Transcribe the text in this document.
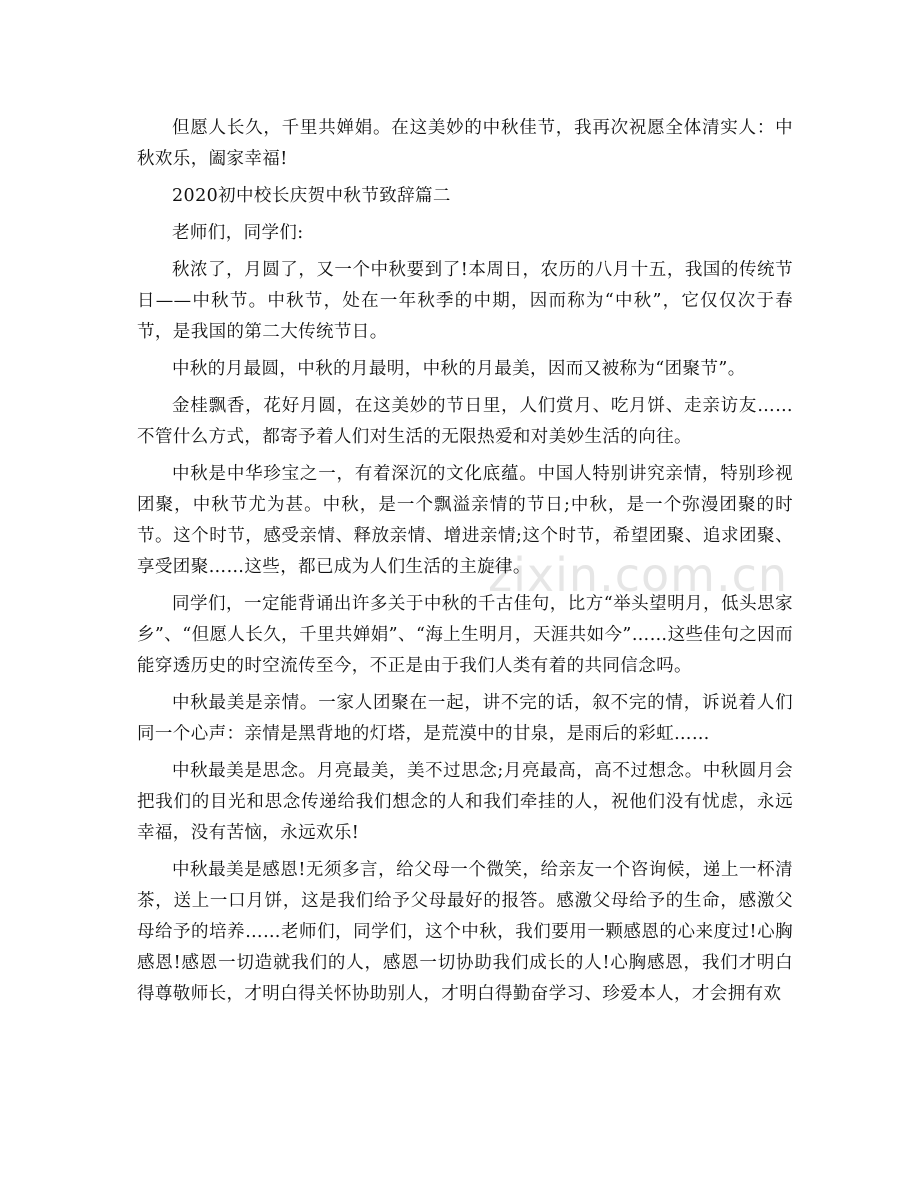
zixin.com.cn

但愿人长久，千里共婵娟。在这美妙的中秋佳节，我再次祝愿全体清实人：中秋欢乐，阖家幸福!

2020初中校长庆贺中秋节致辞篇二

老师们，同学们:

秋浓了，月圆了，又一个中秋要到了!本周日，农历的八月十五，我国的传统节日——中秋节。中秋节，处在一年秋季的中期，因而称为“中秋”，它仅仅次于春节，是我国的第二大传统节日。

中秋的月最圆，中秋的月最明，中秋的月最美，因而又被称为“团聚节”。

金桂飘香，花好月圆，在这美妙的节日里，人们赏月、吃月饼、走亲访友……不管什么方式，都寄予着人们对生活的无限热爱和对美妙生活的向往。

中秋是中华珍宝之一，有着深沉的文化底蕴。中国人特别讲究亲情，特别珍视团聚，中秋节尤为甚。中秋，是一个飘溢亲情的节日;中秋，是一个弥漫团聚的时节。这个时节，感受亲情、释放亲情、增进亲情;这个时节，希望团聚、追求团聚、享受团聚……这些，都已成为人们生活的主旋律。

同学们，一定能背诵出许多关于中秋的千古佳句，比方“举头望明月，低头思家乡”、“但愿人长久，千里共婵娟”、“海上生明月，天涯共如今”……这些佳句之因而能穿透历史的时空流传至今，不正是由于我们人类有着的共同信念吗。

中秋最美是亲情。一家人团聚在一起，讲不完的话，叙不完的情，诉说着人们同一个心声：亲情是黑背地的灯塔，是荒漠中的甘泉，是雨后的彩虹……

中秋最美是思念。月亮最美，美不过思念;月亮最高，高不过想念。中秋圆月会把我们的目光和思念传递给我们想念的人和我们牵挂的人，祝他们没有忧虑，永远幸福，没有苦恼，永远欢乐!

中秋最美是感恩!无须多言，给父母一个微笑，给亲友一个咨询候，递上一杯清茶，送上一口月饼，这是我们给予父母最好的报答。感激父母给予的生命，感激父母给予的培养……老师们，同学们，这个中秋，我们要用一颗感恩的心来度过!心胸感恩!感恩一切造就我们的人，感恩一切协助我们成长的人!心胸感恩，我们才明白得尊敬师长，才明白得关怀协助别人，才明白得勤奋学习、珍爱本人，才会拥有欢
